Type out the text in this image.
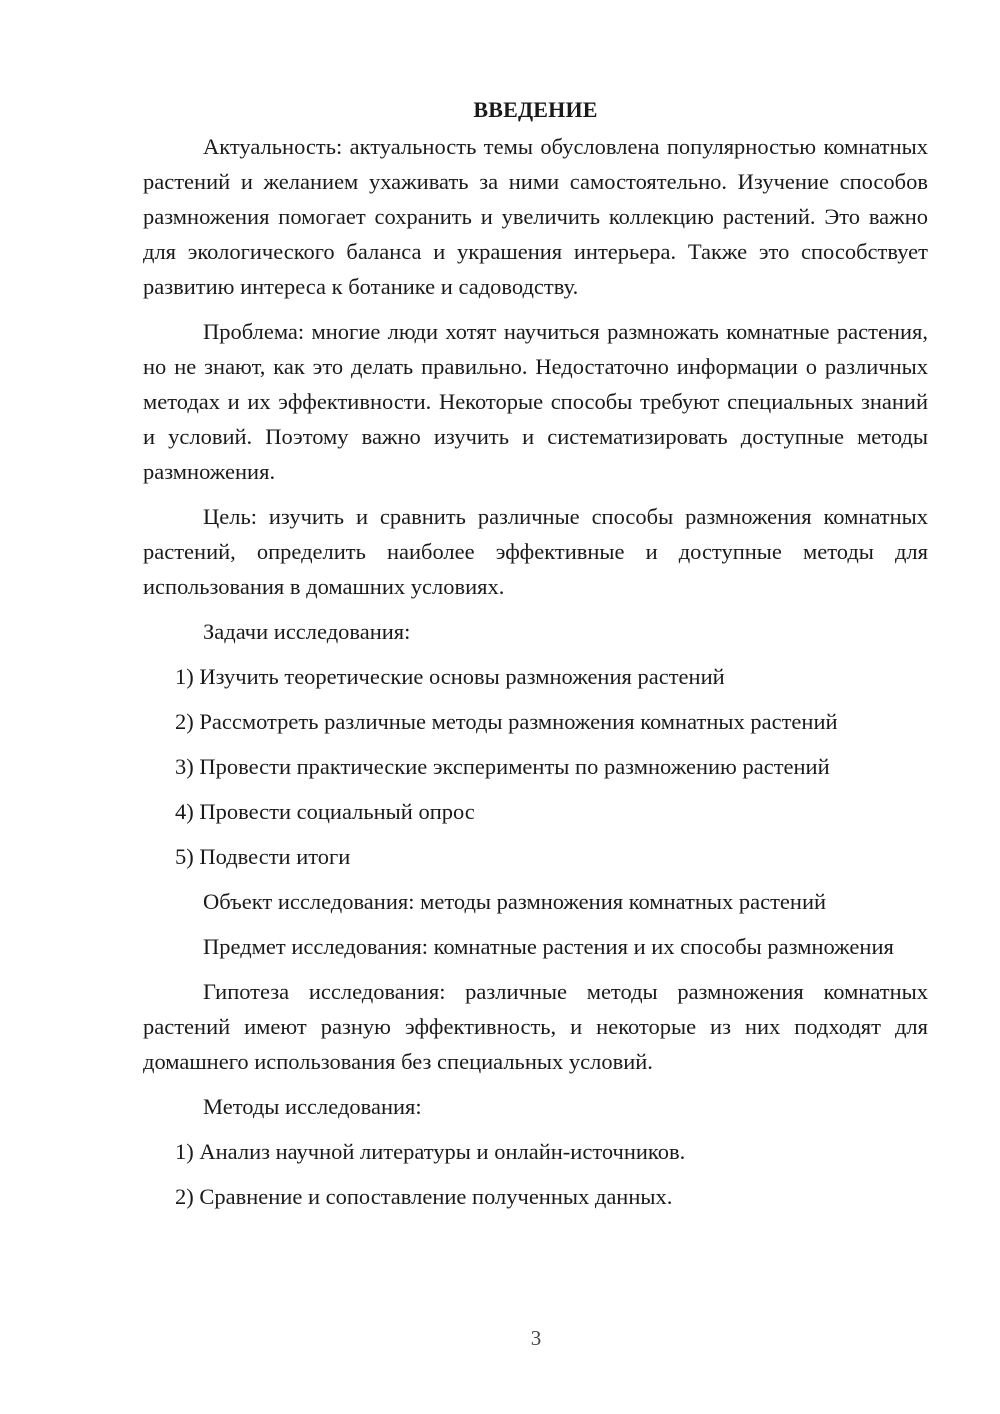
ВВЕДЕНИЕ

Актуальность: актуальность темы обусловлена популярностью комнатных растений и желанием ухаживать за ними самостоятельно. Изучение способов размножения помогает сохранить и увеличить коллекцию растений. Это важно для экологического баланса и украшения интерьера. Также это способствует развитию интереса к ботанике и садоводству.

Проблема: многие люди хотят научиться размножать комнатные растения, но не знают, как это делать правильно. Недостаточно информации о различных методах и их эффективности. Некоторые способы требуют специальных знаний и условий. Поэтому важно изучить и систематизировать доступные методы размножения.

Цель: изучить и сравнить различные способы размножения комнатных растений, определить наиболее эффективные и доступные методы для использования в домашних условиях.

Задачи исследования:

1) Изучить теоретические основы размножения растений

2) Рассмотреть различные методы размножения комнатных растений

3) Провести практические эксперименты по размножению растений

4) Провести социальный опрос

5) Подвести итоги

Объект исследования: методы размножения комнатных растений

Предмет исследования: комнатные растения и их способы размножения

Гипотеза исследования: различные методы размножения комнатных растений имеют разную эффективность, и некоторые из них подходят для домашнего использования без специальных условий.

Методы исследования:

1) Анализ научной литературы и онлайн-источников.

2) Сравнение и сопоставление полученных данных.

3
